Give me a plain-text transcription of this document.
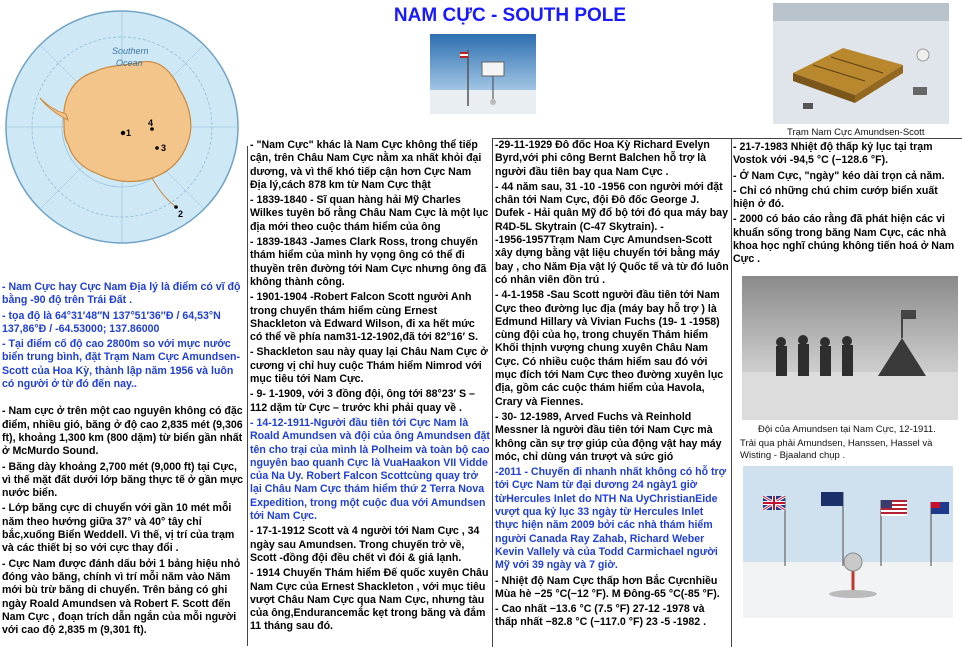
NAM CỰC - SOUTH POLE
Southern
Ocean
1
2
3
4
Trạm Nam Cực Amundsen-Scott

- Nam Cực hay Cực Nam Địa lý là điểm có vĩ độ bằng -90 độ trên Trái Đất .

- tọa độ là 64°31′48″N 137°51′36″Đ / 64,53°N 137,86°Đ / -64.53000; 137.86000

- Tại điểm cố độ cao 2800m so với mực nước biển trung bình, đặt Trạm Nam Cực Amundsen-Scott của Hoa Kỳ, thành lập năm 1956 và luôn có người ở từ đó đến nay..

- Nam cực ở trên một cao nguyên không có đặc điểm, nhiều gió, băng ở độ cao 2,835 mét (9,306 ft), khoảng 1,300 km (800 dặm) từ biển gần nhất ở McMurdo Sound.

- Băng dày khoảng 2,700 mét (9,000 ft) tại Cực, vì thế mặt đất dưới lớp băng thực tế ở gần mực nước biển.

- Lớp băng cực di chuyển với gần 10 mét mỗi năm theo hướng giữa 37° và 40° tây chỉ bắc,xuống Biển Weddell. Vì thế, vị trí của trạm và các thiết bị so với cực thay đổi .

- Cực Nam được đánh dấu bởi 1 bảng hiệu nhỏ đóng vào băng, chính vì trí mỗi năm vào Năm mới bù trừ băng di chuyển. Trên bảng có ghi ngày Roald Amundsen và Robert F. Scott đến Nam Cực , đoạn trích dẫn ngắn của mỗi người với cao độ 2,835 m (9,301 ft).

- "Nam Cực" khác là Nam Cực không thể tiếp cận, trên Châu Nam Cực nằm xa nhất khỏi đại dương, và vì thế khó tiếp cận hơn Cực Nam Địa lý,cách 878 km từ Nam Cực thật

- 1839-1840 - Sĩ quan hàng hải Mỹ Charles Wilkes tuyên bố rằng Châu Nam Cực là một lục địa mới theo cuộc thám hiểm của ông

- 1839-1843 -James Clark Ross, trong chuyến thám hiểm của mình hy vọng ông có thể đi thuyền trên đường tới Nam Cực nhưng ông đã không thành công.

- 1901-1904 -Robert Falcon Scott người Anh trong chuyến thám hiểm cùng Ernest Shackleton và Edward Wilson, đi xa hết mức có thể về phía nam31-12-1902,đã tới 82°16′ S.

- Shackleton sau này quay lại Châu Nam Cực ở cương vị chỉ huy cuộc Thám hiểm Nimrod với mục tiêu tới Nam Cực.

- 9- 1-1909, với 3 đồng đội, ông tới 88°23′ S – 112 dặm từ Cực – trước khi phải quay về .

- 14-12-1911-Người đầu tiên tới Cực Nam là Roald Amundsen và đội của ông Amundsen đặt tên cho trại của mình là Polheim và toàn bộ cao nguyên bao quanh Cực là VuaHaakon VII Vidde của Na Uy. Robert Falcon Scottcùng quay trở lại Châu Nam Cực thám hiểm thứ 2 Terra Nova Expedition, trong một cuộc đua với Amundsen tới Nam Cực.

- 17-1-1912 Scott và 4 người tới Nam Cực , 34 ngày sau Amundsen. Trong chuyến trở về, Scott -đồng đội đều chết vì đói & giá lạnh.

- 1914 Chuyến Thám hiểm Đế quốc xuyên Châu Nam Cực của Ernest Shackleton , với mục tiêu vượt Châu Nam Cực qua Nam Cực, nhưng tàu của ông,Endurancemắc kẹt trong băng và đắm 11 tháng sau đó.

-29-11-1929 Đô đốc Hoa Kỳ Richard Evelyn Byrd,với phi công Bernt Balchen hỗ trợ là người đầu tiên bay qua Nam Cực .

- 44 năm sau, 31 -10 -1956 con người mới đặt chân tới Nam Cực, đội Đô đốc George J. Dufek - Hải quân Mỹ đổ bộ tới đó qua máy bay R4D-5L Skytrain (C-47 Skytrain). -

-1956-1957Trạm Nam Cực Amundsen-Scott xây dựng bằng vật liệu chuyển tới bằng máy bay , cho Năm Địa vật lý Quốc tế và từ đó luôn có nhân viên đồn trú .

- 4-1-1958 -Sau Scott người đầu tiên tới Nam Cực theo đường lục địa (máy bay hỗ trợ ) là Edmund Hillary và Vivian Fuchs (19- 1 -1958) cùng đội của họ, trong chuyến Thám hiểm Khối thịnh vượng chung xuyên Châu Nam Cực. Có nhiều cuộc thám hiểm sau đó với mục đích tới Nam Cực theo đường xuyên lục địa, gồm các cuộc thám hiểm của Havola, Crary và Fiennes.

- 30- 12-1989, Arved Fuchs và Reinhold Messner là người đầu tiên tới Nam Cực mà không cần sự trợ giúp của động vật hay máy móc, chỉ dùng ván trượt và sức gió

-2011 - Chuyến đi nhanh nhất không có hỗ trợ tới Cực Nam từ đại dương 24 ngày1 giờ từHercules Inlet do NTH Na UyChristianEide vượt qua kỷ lục 33 ngày từ Hercules Inlet thực hiện năm 2009 bởi các nhà thám hiểm người Canada Ray Zahab, Richard Weber Kevin Vallely và của Todd Carmichael người Mỹ với 39 ngày và 7 giờ.

- Nhiệt độ Nam Cực thấp hơn Bắc Cựcnhiều Mùa hè −25 °C(−12 °F). M Đông-65 °C(-85 °F).

- Cao nhất −13.6 °C (7.5 °F) 27-12 -1978 và thấp nhất −82.8 °C (−117.0 °F) 23 -5 -1982 .

- 21-7-1983 Nhiệt độ thấp kỷ lục tại trạm Vostok với -94,5 °C (−128.6 °F).

- Ở Nam Cực, "ngày" kéo dài trọn cả năm.

- Chỉ có những chú chim cướp biển xuất hiện ở đó.

- 2000 có báo cáo rằng đã phát hiện các vi khuẩn sống trong băng Nam Cực, các nhà khoa học nghĩ chúng không tiến hoá ở Nam Cực .

Đội của Amundsen tại Nam Cực, 12-1911.
Trải qua phải Amundsen, Hanssen, Hassel và Wisting - Bjaaland chụp .
